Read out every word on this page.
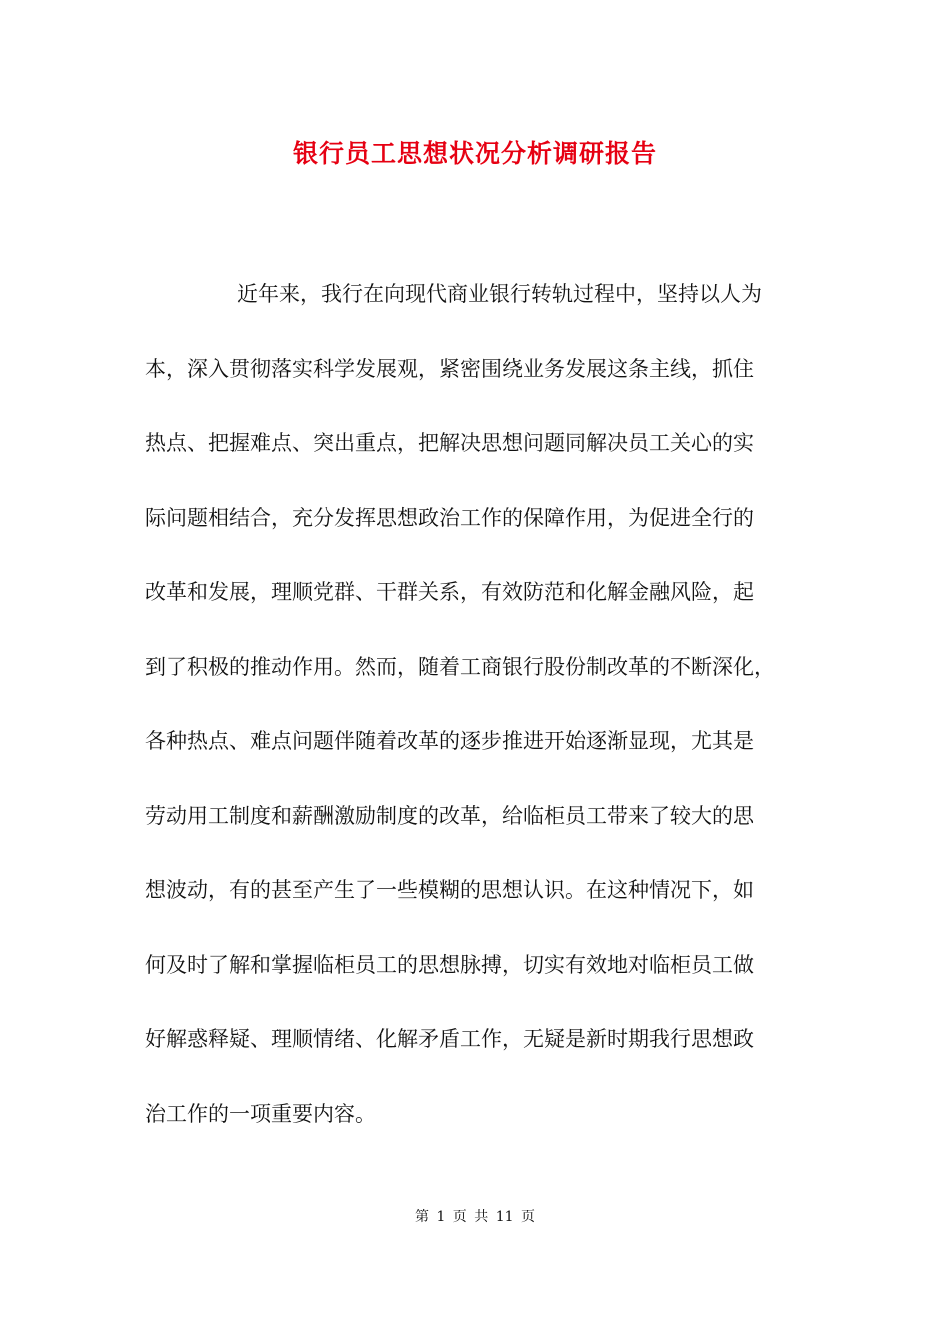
银行员工思想状况分析调研报告
近年来，我行在向现代商业银行转轨过程中，坚持以人为
本，深入贯彻落实科学发展观，紧密围绕业务发展这条主线，抓住
热点、把握难点、突出重点，把解决思想问题同解决员工关心的实
际问题相结合，充分发挥思想政治工作的保障作用，为促进全行的
改革和发展，理顺党群、干群关系，有效防范和化解金融风险，起
到了积极的推动作用。然而，随着工商银行股份制改革的不断深化，
各种热点、难点问题伴随着改革的逐步推进开始逐渐显现，尤其是
劳动用工制度和薪酬激励制度的改革，给临柜员工带来了较大的思
想波动，有的甚至产生了一些模糊的思想认识。在这种情况下，如
何及时了解和掌握临柜员工的思想脉搏，切实有效地对临柜员工做
好解惑释疑、理顺情绪、化解矛盾工作，无疑是新时期我行思想政
治工作的一项重要内容。
第 1 页 共 11 页
